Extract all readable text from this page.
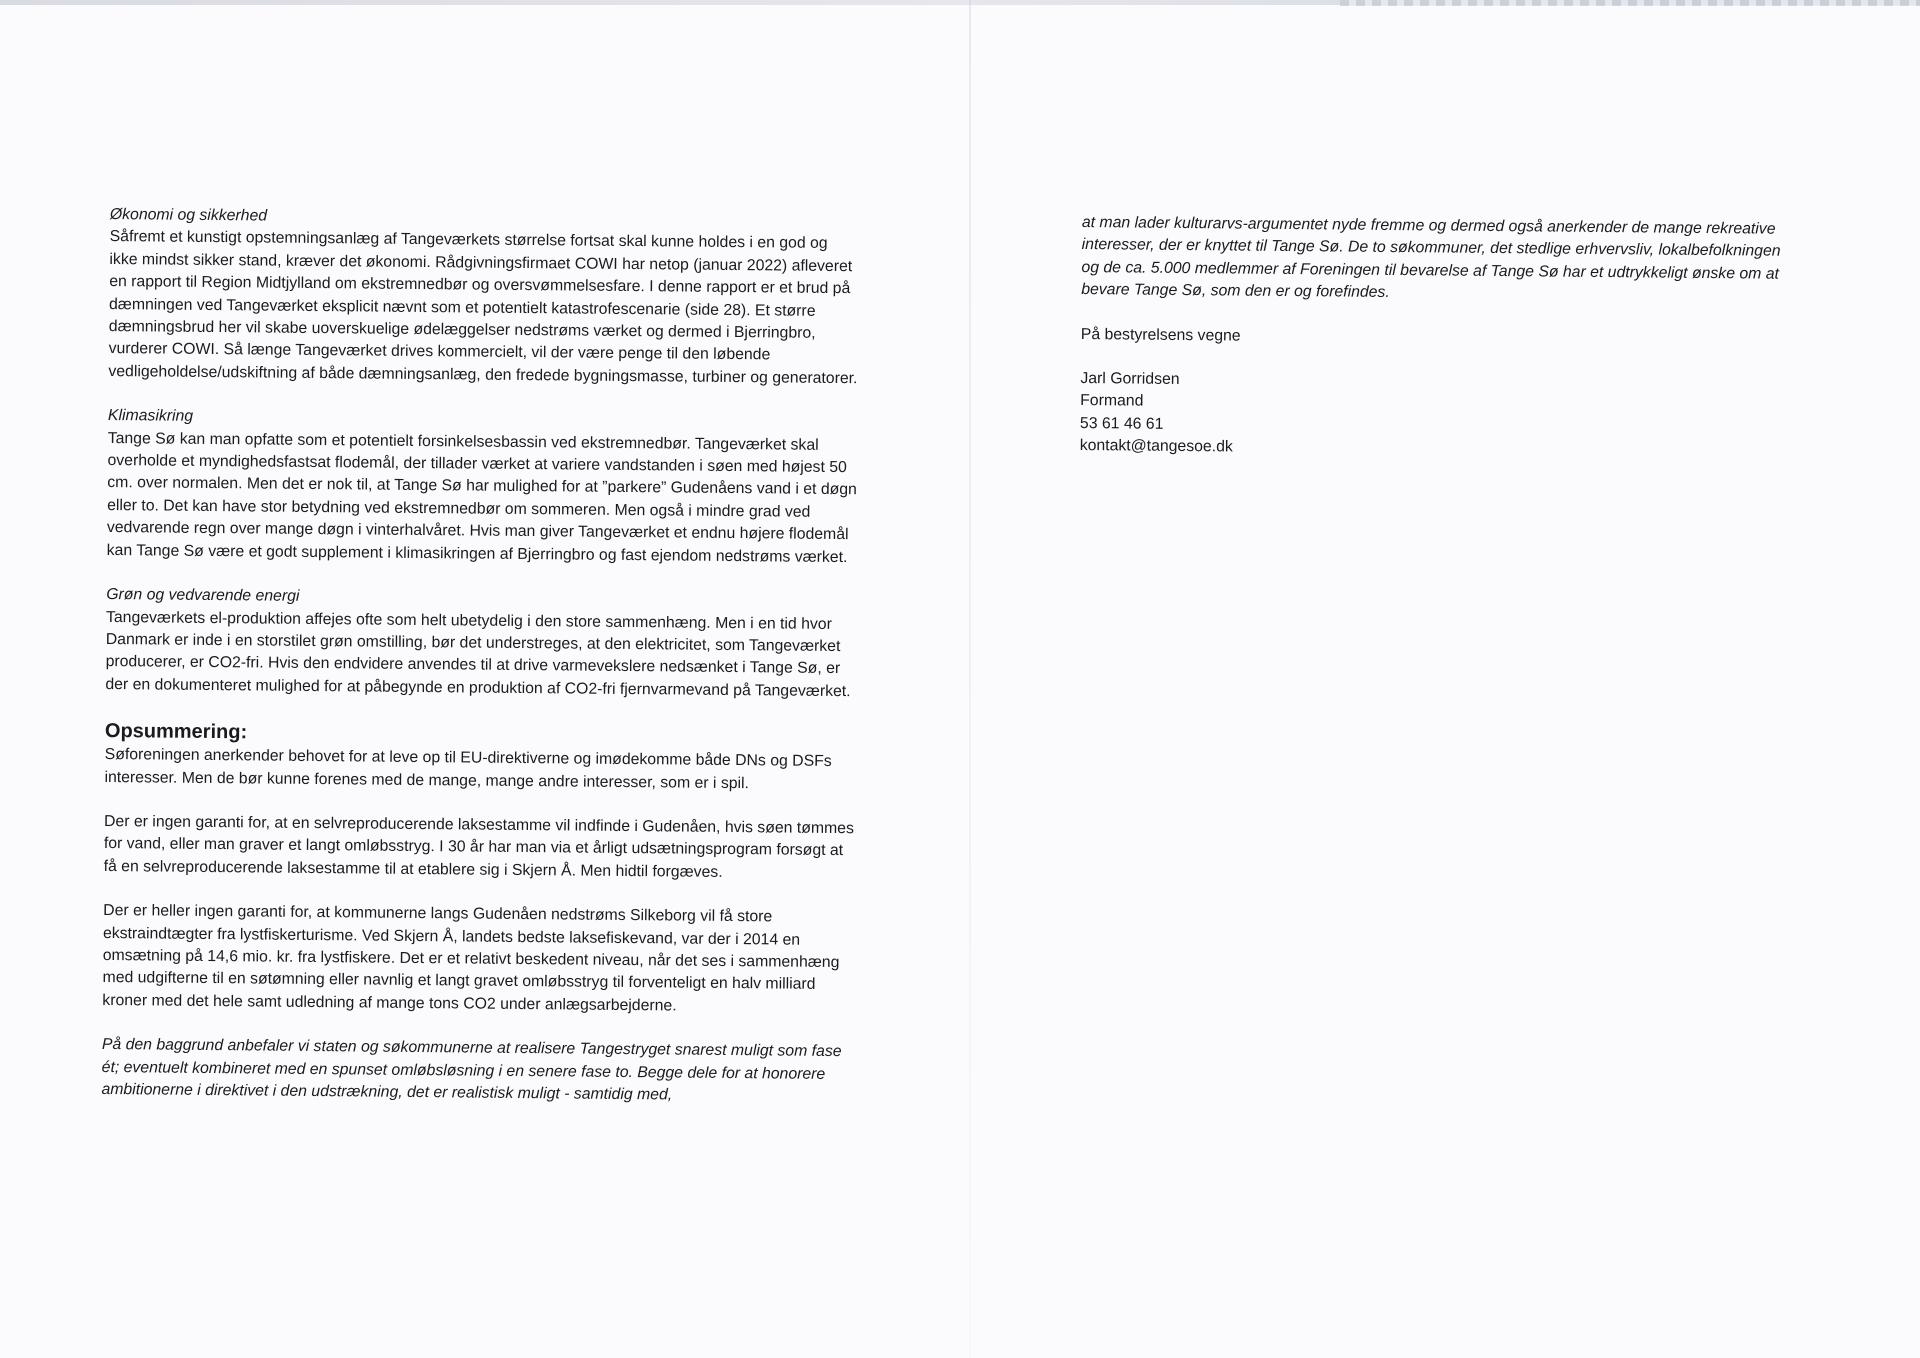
Økonomi og sikkerhed

Såfremt et kunstigt opstemningsanlæg af Tangeværkets størrelse fortsat skal kunne holdes i en god og ikke mindst sikker stand, kræver det økonomi. Rådgivningsfirmaet COWI har netop (januar 2022) afleveret en rapport til Region Midtjylland om ekstremnedbør og oversvømmelsesfare. I denne rapport er et brud på dæmningen ved Tangeværket eksplicit nævnt som et potentielt katastrofescenarie (side 28). Et større dæmningsbrud her vil skabe uoverskuelige ødelæggelser nedstrøms værket og dermed i Bjerringbro, vurderer COWI. Så længe Tangeværket drives kommercielt, vil der være penge til den løbende vedligeholdelse/udskiftning af både dæmningsanlæg, den fredede bygningsmasse, turbiner og generatorer.

Klimasikring

Tange Sø kan man opfatte som et potentielt forsinkelsesbassin ved ekstremnedbør. Tangeværket skal overholde et myndighedsfastsat flodemål, der tillader værket at variere vandstanden i søen med højest 50 cm. over normalen. Men det er nok til, at Tange Sø har mulighed for at ”parkere” Gudenåens vand i et døgn eller to. Det kan have stor betydning ved ekstremnedbør om sommeren. Men også i mindre grad ved vedvarende regn over mange døgn i vinterhalvåret. Hvis man giver Tangeværket et endnu højere flodemål kan Tange Sø være et godt supplement i klimasikringen af Bjerringbro og fast ejendom nedstrøms værket.

Grøn og vedvarende energi

Tangeværkets el-produktion affejes ofte som helt ubetydelig i den store sammenhæng. Men i en tid hvor Danmark er inde i en storstilet grøn omstilling, bør det understreges, at den elektricitet, som Tangeværket producerer, er CO2-fri. Hvis den endvidere anvendes til at drive varmevekslere nedsænket i Tange Sø, er der en dokumenteret mulighed for at påbegynde en produktion af CO2-fri fjernvarmevand på Tangeværket.

Opsummering:

Søforeningen anerkender behovet for at leve op til EU-direktiverne og imødekomme både DNs og DSFs interesser. Men de bør kunne forenes med de mange, mange andre interesser, som er i spil.

Der er ingen garanti for, at en selvreproducerende laksestamme vil indfinde i Gudenåen, hvis søen tømmes for vand, eller man graver et langt omløbsstryg. I 30 år har man via et årligt udsætningsprogram forsøgt at få en selvreproducerende laksestamme til at etablere sig i Skjern Å. Men hidtil forgæves.

Der er heller ingen garanti for, at kommunerne langs Gudenåen nedstrøms Silkeborg vil få store ekstraindtægter fra lystfiskerturisme. Ved Skjern Å, landets bedste laksefiskevand, var der i 2014 en omsætning på 14,6 mio. kr. fra lystfiskere. Det er et relativt beskedent niveau, når det ses i sammenhæng med udgifterne til en søtømning eller navnlig et langt gravet omløbsstryg til forventeligt en halv milliard kroner med det hele samt udledning af mange tons CO2 under anlægsarbejderne.

På den baggrund anbefaler vi staten og søkommunerne at realisere Tangestryget snarest muligt som fase ét; eventuelt kombineret med en spunset omløbsløsning i en senere fase to. Begge dele for at honorere ambitionerne i direktivet i den udstrækning, det er realistisk muligt - samtidig med,

at man lader kulturarvs-argumentet nyde fremme og dermed også anerkender de mange rekreative interesser, der er knyttet til Tange Sø. De to søkommuner, det stedlige erhvervsliv, lokalbefolkningen og de ca. 5.000 medlemmer af Foreningen til bevarelse af Tange Sø har et udtrykkeligt ønske om at bevare Tange Sø, som den er og forefindes.

På bestyrelsens vegne

Jarl Gorridsen
Formand
53 61 46 61
kontakt@tangesoe.dk
